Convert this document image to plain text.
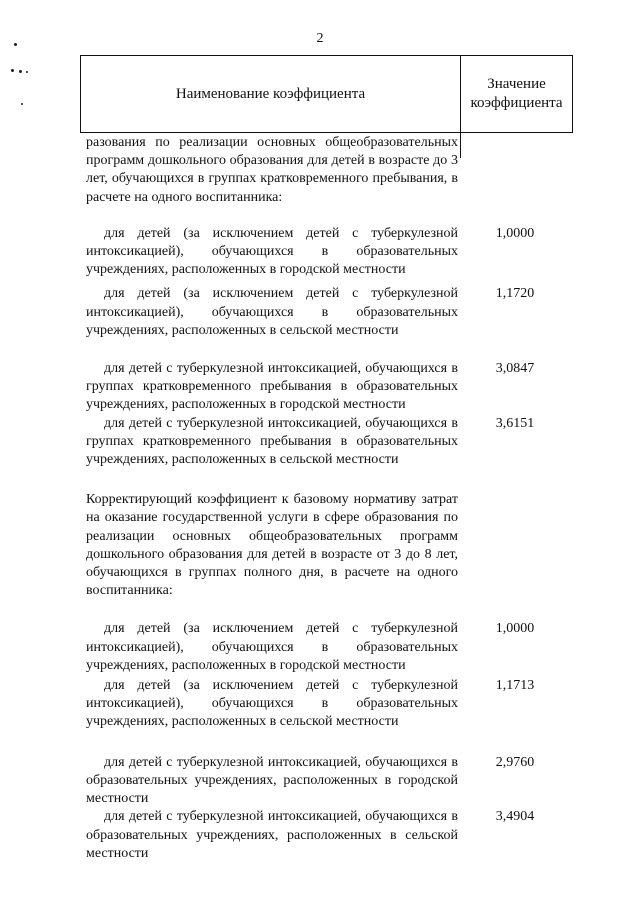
2
Наименование коэффициента
Значение
коэффициента
разования по реализации основных общеобразовательных программ дошкольного образования для детей в возрасте до 3 лет, обучающихся в группах кратковременного пребывания, в расчете на одного воспитанника:
для детей (за исключением детей с туберкулезной интоксикацией), обучающихся в образовательных учреждениях, расположенных в городской местности
1,0000
для детей (за исключением детей с туберкулезной интоксикацией), обучающихся в образовательных учреждениях, расположенных в сельской местности
1,1720
для детей с туберкулезной интоксикацией, обучающихся в группах кратковременного пребывания в образовательных учреждениях, расположенных в городской местности
3,0847
для детей с туберкулезной интоксикацией, обучающихся в группах кратковременного пребывания в образовательных учреждениях, расположенных в сельской местности
3,6151
Корректирующий коэффициент к базовому нормативу затрат на оказание государственной услуги в сфере образования по реализации основных общеобразовательных программ дошкольного образования для детей в возрасте от 3 до 8 лет, обучающихся в группах полного дня, в расчете на одного воспитанника:
для детей (за исключением детей с туберкулезной интоксикацией), обучающихся в образовательных учреждениях, расположенных в городской местности
1,0000
для детей (за исключением детей с туберкулезной интоксикацией), обучающихся в образовательных учреждениях, расположенных в сельской местности
1,1713
для детей с туберкулезной интоксикацией, обучающихся в образовательных учреждениях, расположенных в городской местности
2,9760
для детей с туберкулезной интоксикацией, обучающихся в образовательных учреждениях, расположенных в сельской местности
3,4904
